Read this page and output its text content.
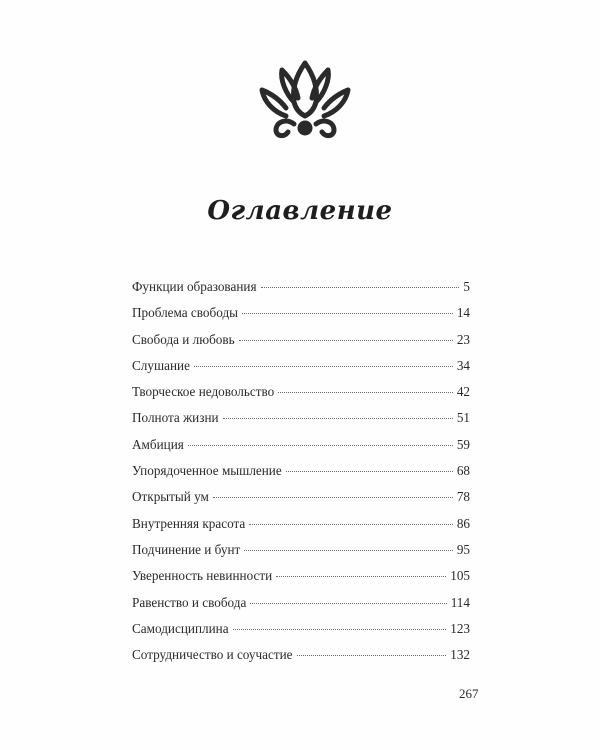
Оглавление
Функции образования	5
Проблема свободы	14
Свобода и любовь	23
Слушание	34
Творческое недовольство	42
Полнота жизни	51
Амбиция	59
Упорядоченное мышление	68
Открытый ум	78
Внутренняя красота	86
Подчинение и бунт	95
Уверенность невинности	105
Равенство и свобода	114
Самодисциплина	123
Сотрудничество и соучастие	132
267
